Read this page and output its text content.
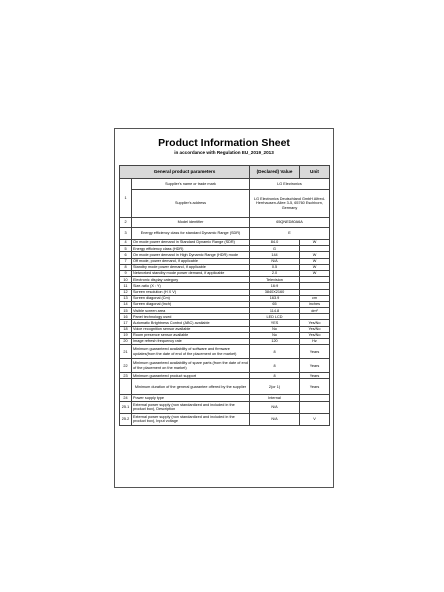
Product Information Sheet
in accordance with Regulation EU_2019_2013
General product parameters		(Declared) Value	Unit
1	Supplier's name or trade mark	LG Electronics	
	Supplier's address	LG Electronics Deutschland GmbH Alfred-Herrhausen-Allee 3-5, 65760 Eschborn, Germany	
2	Model identifier	65QNED80A6A	
3	Energy efficiency class for standard Dynamic Range (SDR)	E	
4	On mode power demand in Standard Dynamic Range (SDR)	84.0	W
5	Energy efficiency class (HDR)	G	
6	On mode power demand in High Dynamic Range (HDR) mode	144	W
7	Off mode, power demand, if applicable	N/A	W
8	Standby mode power demand, if applicable	0.5	W
9	Networked standby mode power demand, if applicable	2.0	W
10	Electronic display category	Television	
11	Size-ratio (X : Y)	16:9	
12	Screen resolution (H X V)	3840X2160	
13	Screen diagonal (Cm)	163.9	cm
14	Screen diagonal (Inch)	65	inches
15	Visible screen area	114.8	dm²
16	Panel technology used	LED LCD	
17	Automatic Brightness Control (ABC) available	YES	Yes/No
18	Voice recognition sensor available	No	Yes/No
19	Room presence sensor available	No	Yes/No
20	Image refresh frequency rate	120	Hz
21	Minimum guaranteed availability of software and firmware updates(from the date of end of the placement on the market)	8	Years
22	Minimum guaranteed availability of spare parts (from the date of end of the placement on the market)	8	Years
23	Minimum guaranteed product support	8	Years
	Minimum duration of the general guarantee offered by the supplier	2(or 1)	Years
24	Power supply type	Internal	
25.1	External power supply (non standardized and included in the product box), Description	N/A	
25.2	External power supply (non standardized and included in the product box), Input voltage	N/A	V
